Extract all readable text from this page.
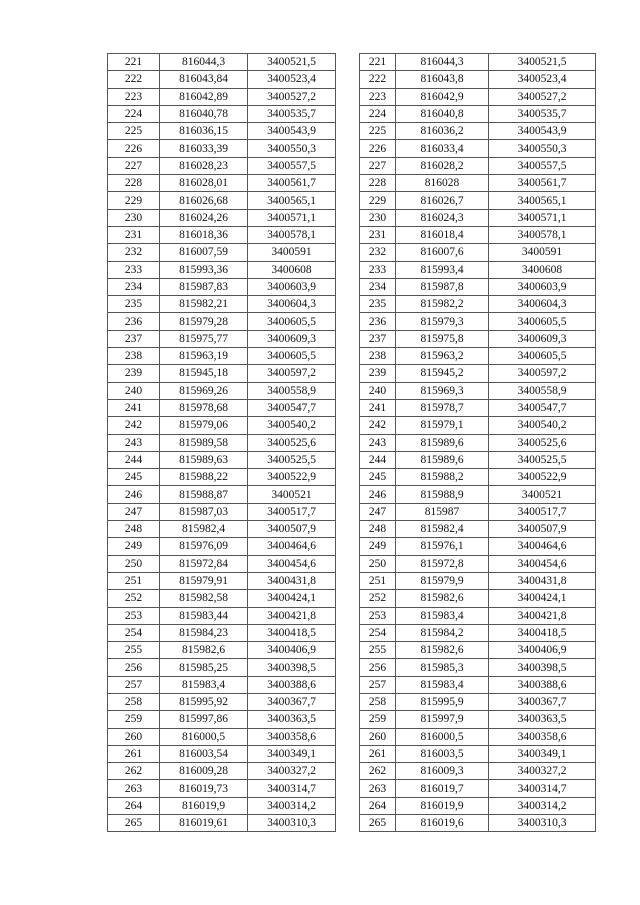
221	816044,3	3400521,5
222	816043,84	3400523,4
223	816042,89	3400527,2
224	816040,78	3400535,7
225	816036,15	3400543,9
226	816033,39	3400550,3
227	816028,23	3400557,5
228	816028,01	3400561,7
229	816026,68	3400565,1
230	816024,26	3400571,1
231	816018,36	3400578,1
232	816007,59	3400591
233	815993,36	3400608
234	815987,83	3400603,9
235	815982,21	3400604,3
236	815979,28	3400605,5
237	815975,77	3400609,3
238	815963,19	3400605,5
239	815945,18	3400597,2
240	815969,26	3400558,9
241	815978,68	3400547,7
242	815979,06	3400540,2
243	815989,58	3400525,6
244	815989,63	3400525,5
245	815988,22	3400522,9
246	815988,87	3400521
247	815987,03	3400517,7
248	815982,4	3400507,9
249	815976,09	3400464,6
250	815972,84	3400454,6
251	815979,91	3400431,8
252	815982,58	3400424,1
253	815983,44	3400421,8
254	815984,23	3400418,5
255	815982,6	3400406,9
256	815985,25	3400398,5
257	815983,4	3400388,6
258	815995,92	3400367,7
259	815997,86	3400363,5
260	816000,5	3400358,6
261	816003,54	3400349,1
262	816009,28	3400327,2
263	816019,73	3400314,7
264	816019,9	3400314,2
265	816019,61	3400310,3
221	816044,3	3400521,5
222	816043,8	3400523,4
223	816042,9	3400527,2
224	816040,8	3400535,7
225	816036,2	3400543,9
226	816033,4	3400550,3
227	816028,2	3400557,5
228	816028	3400561,7
229	816026,7	3400565,1
230	816024,3	3400571,1
231	816018,4	3400578,1
232	816007,6	3400591
233	815993,4	3400608
234	815987,8	3400603,9
235	815982,2	3400604,3
236	815979,3	3400605,5
237	815975,8	3400609,3
238	815963,2	3400605,5
239	815945,2	3400597,2
240	815969,3	3400558,9
241	815978,7	3400547,7
242	815979,1	3400540,2
243	815989,6	3400525,6
244	815989,6	3400525,5
245	815988,2	3400522,9
246	815988,9	3400521
247	815987	3400517,7
248	815982,4	3400507,9
249	815976,1	3400464,6
250	815972,8	3400454,6
251	815979,9	3400431,8
252	815982,6	3400424,1
253	815983,4	3400421,8
254	815984,2	3400418,5
255	815982,6	3400406,9
256	815985,3	3400398,5
257	815983,4	3400388,6
258	815995,9	3400367,7
259	815997,9	3400363,5
260	816000,5	3400358,6
261	816003,5	3400349,1
262	816009,3	3400327,2
263	816019,7	3400314,7
264	816019,9	3400314,2
265	816019,6	3400310,3
